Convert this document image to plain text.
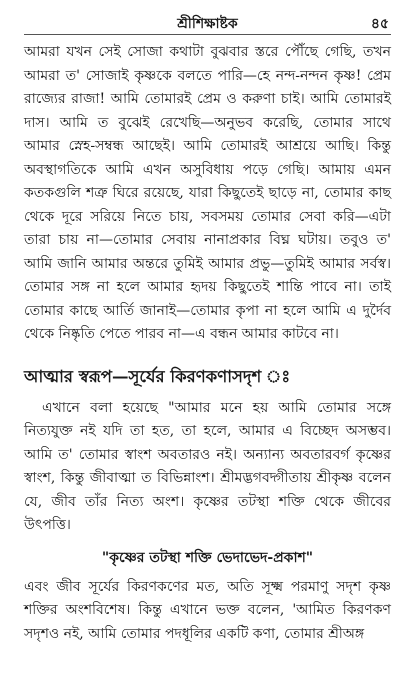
শ্রীশিক্ষাষ্টক	৪৫

আমরা যখন সেই সোজা কথাটা বুঝবার স্তরে পৌঁছে গেছি, তখন আমরা ত' সোজাই কৃষ্ণকে বলতে পারি—হে নন্দ-নন্দন কৃষ্ণ! প্রেম রাজ্যের রাজা! আমি তোমারই প্রেম ও করুণা চাই। আমি তোমারই দাস। আমি ত বুঝেই রেখেছি—অনুভব করেছি, তোমার সাথে আমার স্নেহ-সম্বন্ধ আছেই। আমি তোমারই আশ্রয়ে আছি। কিন্তু অবস্থাগতিকে আমি এখন অসুবিধায় পড়ে গেছি। আমায় এমন কতকগুলি শত্রু ঘিরে রয়েছে, যারা কিছুতেই ছাড়ে না, তোমার কাছ থেকে দূরে সরিয়ে নিতে চায়, সবসময় তোমার সেবা করি—এটা তারা চায় না—তোমার সেবায় নানাপ্রকার বিঘ্ন ঘটায়। তবুও ত' আমি জানি আমার অন্তরে তুমিই আমার প্রভু—তুমিই আমার সর্বস্ব। তোমার সঙ্গ না হলে আমার হৃদয় কিছুতেই শান্তি পাবে না। তাই তোমার কাছে আর্তি জানাই—তোমার কৃপা না হলে আমি এ দুর্দৈব থেকে নিষ্কৃতি পেতে পারব না—এ বন্ধন আমার কাটবে না।

আত্মার স্বরূপ—সূর্যের কিরণকণাসদৃশ ঃ

এখানে বলা হয়েছে "আমার মনে হয় আমি তোমার সঙ্গে নিত্যযুক্ত নই যদি তা হত, তা হলে, আমার এ বিচ্ছেদ অসম্ভব। আমি ত' তোমার স্বাংশ অবতারও নই। অন্যান্য অবতারবর্গ কৃষ্ণের স্বাংশ, কিন্তু জীবাত্মা ত বিভিন্নাংশ। শ্রীমদ্ভগবদ্গীতায় শ্রীকৃষ্ণ বলেন যে, জীব তাঁর নিত্য অংশ। কৃষ্ণের তটস্থা শক্তি থেকে জীবের উৎপত্তি।

"কৃষ্ণের তটস্থা শক্তি ভেদাভেদ-প্রকাশ"

এবং জীব সূর্যের কিরণকণের মত, অতি সূক্ষ্ম পরমাণু সদৃশ কৃষ্ণ শক্তির অংশবিশেষ। কিন্তু এখানে ভক্ত বলেন, 'আমিত কিরণকণ সদৃশও নই, আমি তোমার পদধূলির একটি কণা, তোমার শ্রীঅঙ্গ
